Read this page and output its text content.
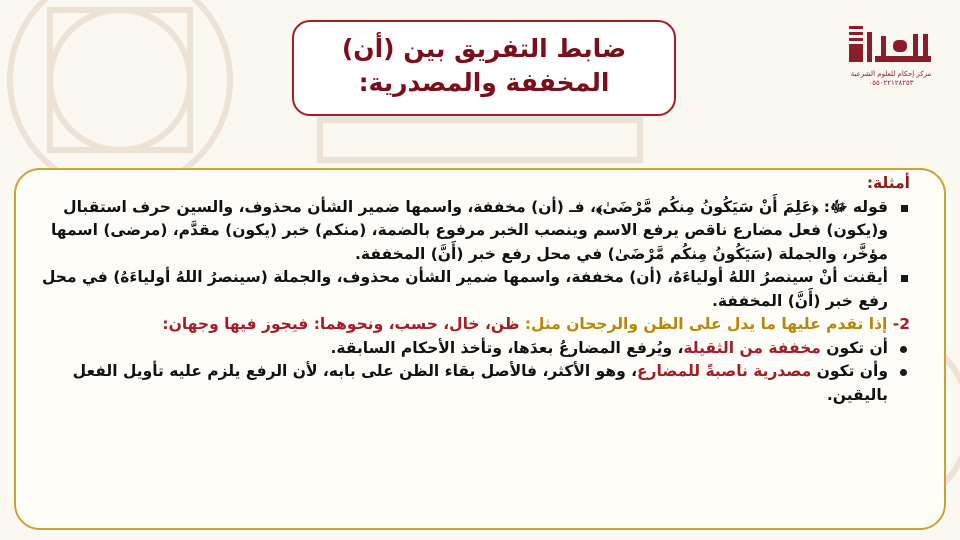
مركز إحكام للعلوم الشرعية
٠٥٥٠٢٢١٢٨٢٥٣
ضابط التفريق بين (أن)
المخففة والمصدرية:

أمثلة:

قوله ﷻ: ﴿عَلِمَ أَنْ سَيَكُونُ مِنكُم مَّرْضَىٰ﴾، فـ (أن) مخففة، واسمها ضمير الشأن محذوف، والسين حرف استقبال و(يكون) فعل مضارع ناقص يرفع الاسم وينصب الخبر مرفوع بالضمة، (منكم) خبر (يكون) مقدَّم، (مرضى) اسمها مؤخَّر، والجملة (سَيَكُونُ مِنكُم مَّرْضَىٰ) في محل رفع خبر (أَنَّ) المخففة.

أيقنت أنْ سينصرُ اللهُ أولياءَهُ، (أن) مخففة، واسمها ضمير الشأن محذوف، والجملة (سينصرُ اللهُ أولياءَهُ) في محل رفع خبر (أَنَّ) المخففة.

2- إذا تقدم عليها ما يدل على الظن والرجحان مثل: ظن، خال، حسب، ونحوهما: فيجوز فيها وجهان:

أن تكون مخففة من الثقيلة، ويُرفع المضارعُ بعدَها، وتأخذ الأحكام السابقة.

وأن تكون مصدرية ناصبةً للمضارع، وهو الأكثر، فالأصل بقاء الظن على بابه، لأن الرفع يلزم عليه تأويل الفعل باليقين.
